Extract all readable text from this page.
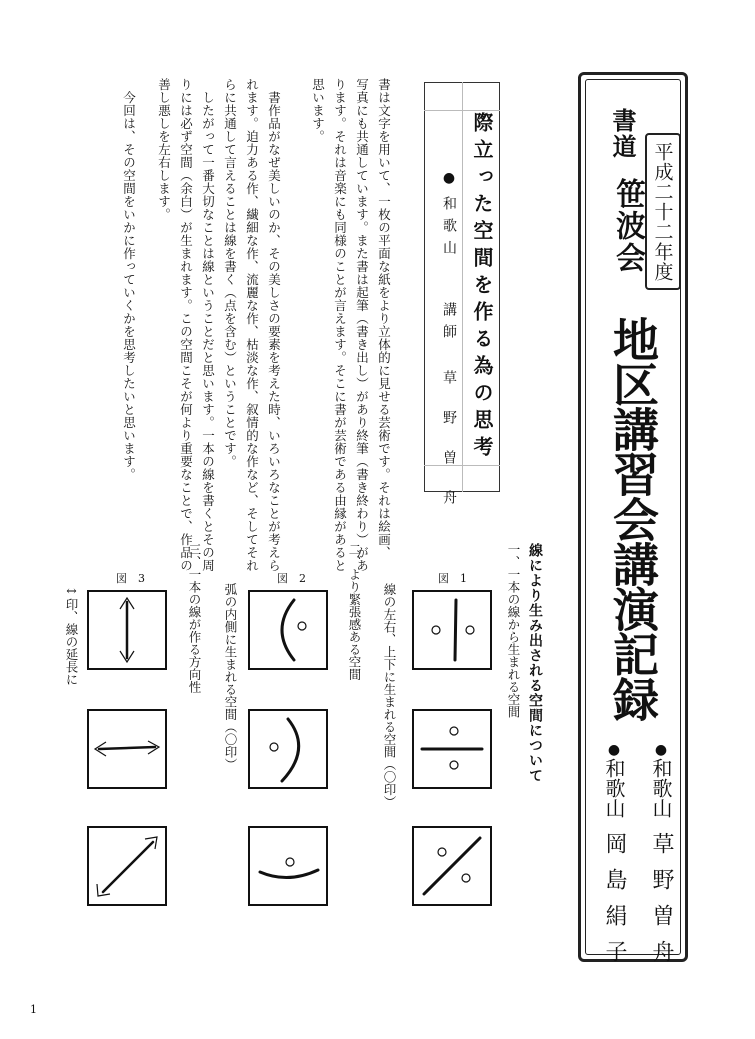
平成二十二年度
書道
笹波会
地区講習会講演記録
●和歌山草野曽舟
●和歌山岡島絹子
線により生み出される空間について
際立った空間を作る為の思考
●和歌山講師草野曽舟
書は文字を用いて、一枚の平面な紙をより立体的に見せる芸術です。それは絵画、
写真にも共通しています。また書は起筆（書き出し）があり終筆（書き終わり）があ
ります。それは音楽にも同様のことが言えます。そこに書が芸術である由縁があると
思います。
　書作品がなぜ美しいのか、その美しさの要素を考えた時、いろいろなことが考えら
れます。迫力ある作、繊細な作、流麗な作、枯淡な作、叙情的な作など、そしてそれ
らに共通して言えることは線を書く（点を含む）ということです。
　したがって一番大切なことは線ということだと思います。一本の線を書くとその周
りには必ず空間（余白）が生まれます。この空間こそが何より重要なことで、作品の
善し悪しを左右します。
　今回は、その空間をいかに作っていくかを思考したいと思います。
一、一本の線から生まれる空間
線の左右、上下に生まれる空間（〇印）
図　1
二、より緊張感ある空間
弧の内側に生まれる空間（〇印）
図　2
三、一本の線が作る方向性
↔印、線の延長に
図　3
1
